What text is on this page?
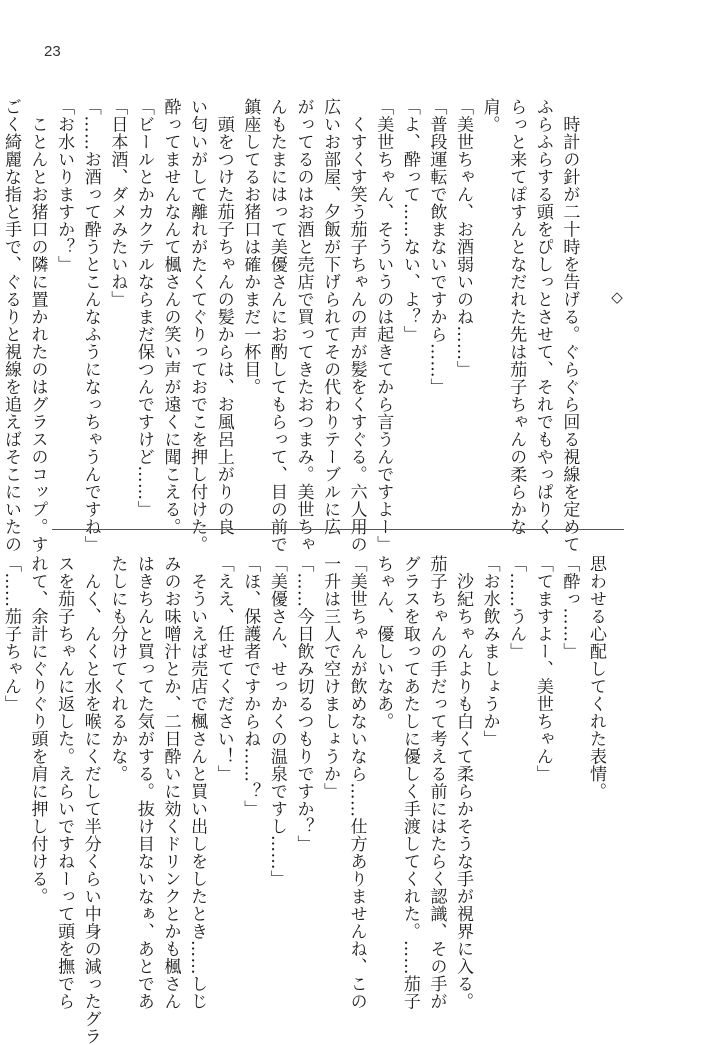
23

　時計の針が二十時を告げる。ぐらぐら回る視線を定めて
ふらふらする頭をぴしっとさせて、それでもやっぱりく
らっと来てぽすんとなだれた先は茄子ちゃんの柔らかな
肩。
「美世ちゃん、お酒弱いのね……」
「普段運転で飲まないですから……」
「よ、酔って……ない、よ？」
「美世ちゃん、そういうのは起きてから言うんですよー」
　くすくす笑う茄子ちゃんの声が髪をくすぐる。六人用の
広いお部屋、夕飯が下げられてその代わりテーブルに広
がってるのはお酒と売店で買ってきたおつまみ。美世ちゃ
んもたまにはって美優さんにお酌してもらって、目の前で
鎮座してるお猪口は確かまだ一杯目。
　頭をつけた茄子ちゃんの髪からは、お風呂上がりの良
い匂いがして離れがたくてぐりっておでこを押し付けた。
酔ってませんなんて楓さんの笑い声が遠くに聞こえる。
「ビールとかカクテルならまだ保つんですけど……」
「日本酒、ダメみたいね」
「……お酒って酔うとこんなふうになっちゃうんですね」
「お水いりますか？」
　ことんとお猪口の隣に置かれたのはグラスのコップ。す
ごく綺麗な指と手で、ぐるりと視線を追えばそこにいたの	◇
思わせる心配してくれた表情。
「酔っ……」
「てますよー、美世ちゃん」
「……うん」
「お水飲みましょうか」
　沙紀ちゃんよりも白くて柔らかそうな手が視界に入る。
茄子ちゃんの手だって考える前にはたらく認識、その手が
グラスを取ってあたしに優しく手渡してくれた。……茄子
ちゃん、優しいなあ。
「美世ちゃんが飲めないなら……仕方ありませんね、この
一升は三人で空けましょうか」
「……今日飲み切るつもりですか？」
「美優さん、せっかくの温泉ですし……」
「ほ、保護者ですからね……？」
「ええ、任せてください！」
　そういえば売店で楓さんと買い出しをしたとき……しじ
みのお味噌汁とか、二日酔いに効くドリンクとかも楓さん
はきちんと買ってた気がする。抜け目ないなぁ、あとであ
たしにも分けてくれるかな。
　んく、んくと水を喉にくだして半分くらい中身の減ったグラ
スを茄子ちゃんに返した。えらいですねーって頭を撫でら
れて、余計にぐりぐり頭を肩に押し付ける。
「……茄子ちゃん」
